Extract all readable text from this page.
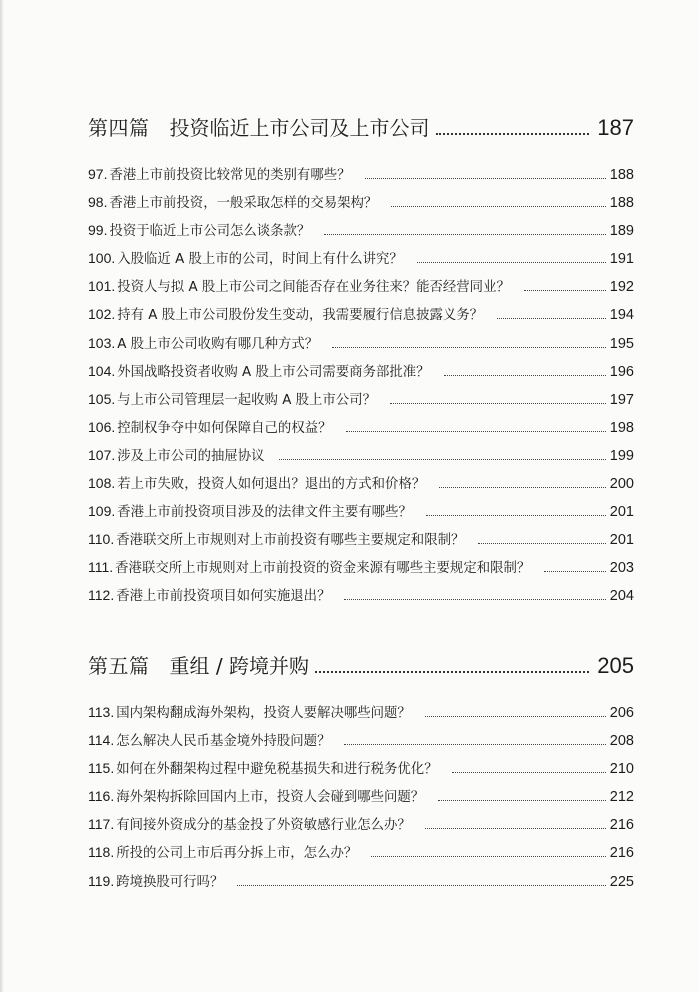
第四篇 投资临近上市公司及上市公司	187
97. 香港上市前投资比较常见的类别有哪些？	188
98. 香港上市前投资，一般采取怎样的交易架构？	188
99. 投资于临近上市公司怎么谈条款？	189
100. 入股临近 A 股上市的公司，时间上有什么讲究？	191
101. 投资人与拟 A 股上市公司之间能否存在业务往来？能否经营同业？	192
102. 持有 A 股上市公司股份发生变动，我需要履行信息披露义务？	194
103. A 股上市公司收购有哪几种方式？	195
104. 外国战略投资者收购 A 股上市公司需要商务部批准？	196
105. 与上市公司管理层一起收购 A 股上市公司？	197
106. 控制权争夺中如何保障自己的权益？	198
107. 涉及上市公司的抽屉协议	199
108. 若上市失败，投资人如何退出？退出的方式和价格？	200
109. 香港上市前投资项目涉及的法律文件主要有哪些？	201
110. 香港联交所上市规则对上市前投资有哪些主要规定和限制？	201
111. 香港联交所上市规则对上市前投资的资金来源有哪些主要规定和限制？	203
112. 香港上市前投资项目如何实施退出？	204
第五篇 重组 / 跨境并购	205
113. 国内架构翻成海外架构，投资人要解决哪些问题？	206
114. 怎么解决人民币基金境外持股问题？	208
115. 如何在外翻架构过程中避免税基损失和进行税务优化？	210
116. 海外架构拆除回国内上市，投资人会碰到哪些问题？	212
117. 有间接外资成分的基金投了外资敏感行业怎么办？	216
118. 所投的公司上市后再分拆上市，怎么办？	216
119. 跨境换股可行吗？	225
